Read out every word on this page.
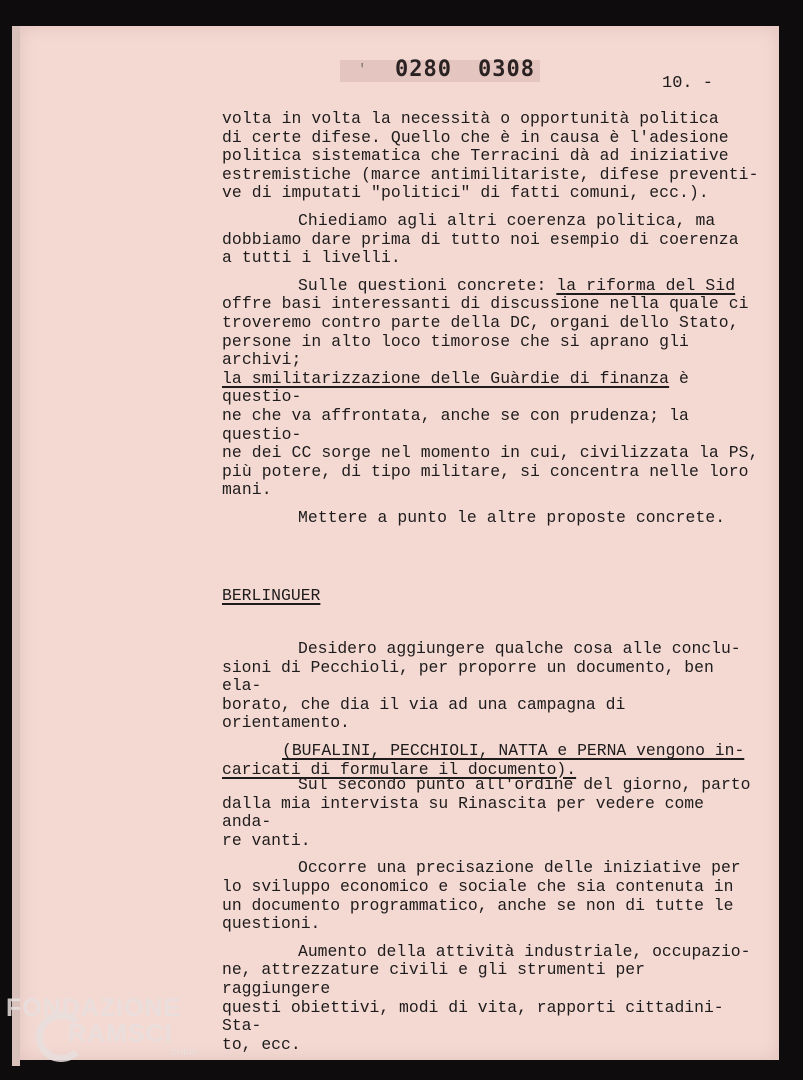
' 0280 0308
10. -

volta in volta la necessità o opportunità politica
di certe difese. Quello che è in causa è l'adesione
politica sistematica che Terracini dà ad iniziative
estremistiche (marce antimilitariste, difese preventi-
ve di imputati "politici" di fatti comuni, ecc.).

Chiediamo agli altri coerenza politica, ma
dobbiamo dare prima di tutto noi esempio di coerenza
a tutti i livelli.

Sulle questioni concrete: la riforma del Sid
offre basi interessanti di discussione nella quale ci
troveremo contro parte della DC, organi dello Stato,
persone in alto loco timorose che si aprano gli archivi;
la smilitarizzazione delle Guàrdie di finanza è questio-
ne che va affrontata, anche se con prudenza; la questio-
ne dei CC sorge nel momento in cui, civilizzata la PS,
più potere, di tipo militare, si concentra nelle loro
mani.

Mettere a punto le altre proposte concrete.

BERLINGUER

Desidero aggiungere qualche cosa alle conclu-
sioni di Pecchioli, per proporre un documento, ben ela-
borato, che dia il via ad una campagna di orientamento.

(BUFALINI, PECCHIOLI, NATTA e PERNA vengono in-
caricati di formulare il documento).

Sul secondo punto all'ordine del giorno, parto
dalla mia intervista su Rinascita per vedere come anda-
re vanti.

Occorre una precisazione delle iniziative per
lo sviluppo economico e sociale che sia contenuta in
un documento programmatico, anche se non di tutte le
questioni.

Aumento della attività industriale, occupazio-
ne, attrezzature civili e gli strumenti per raggiungere
questi obiettivi, modi di vita, rapporti cittadini-Sta-
to, ecc.

FONDAZIONE
RAMSCI
onlus
